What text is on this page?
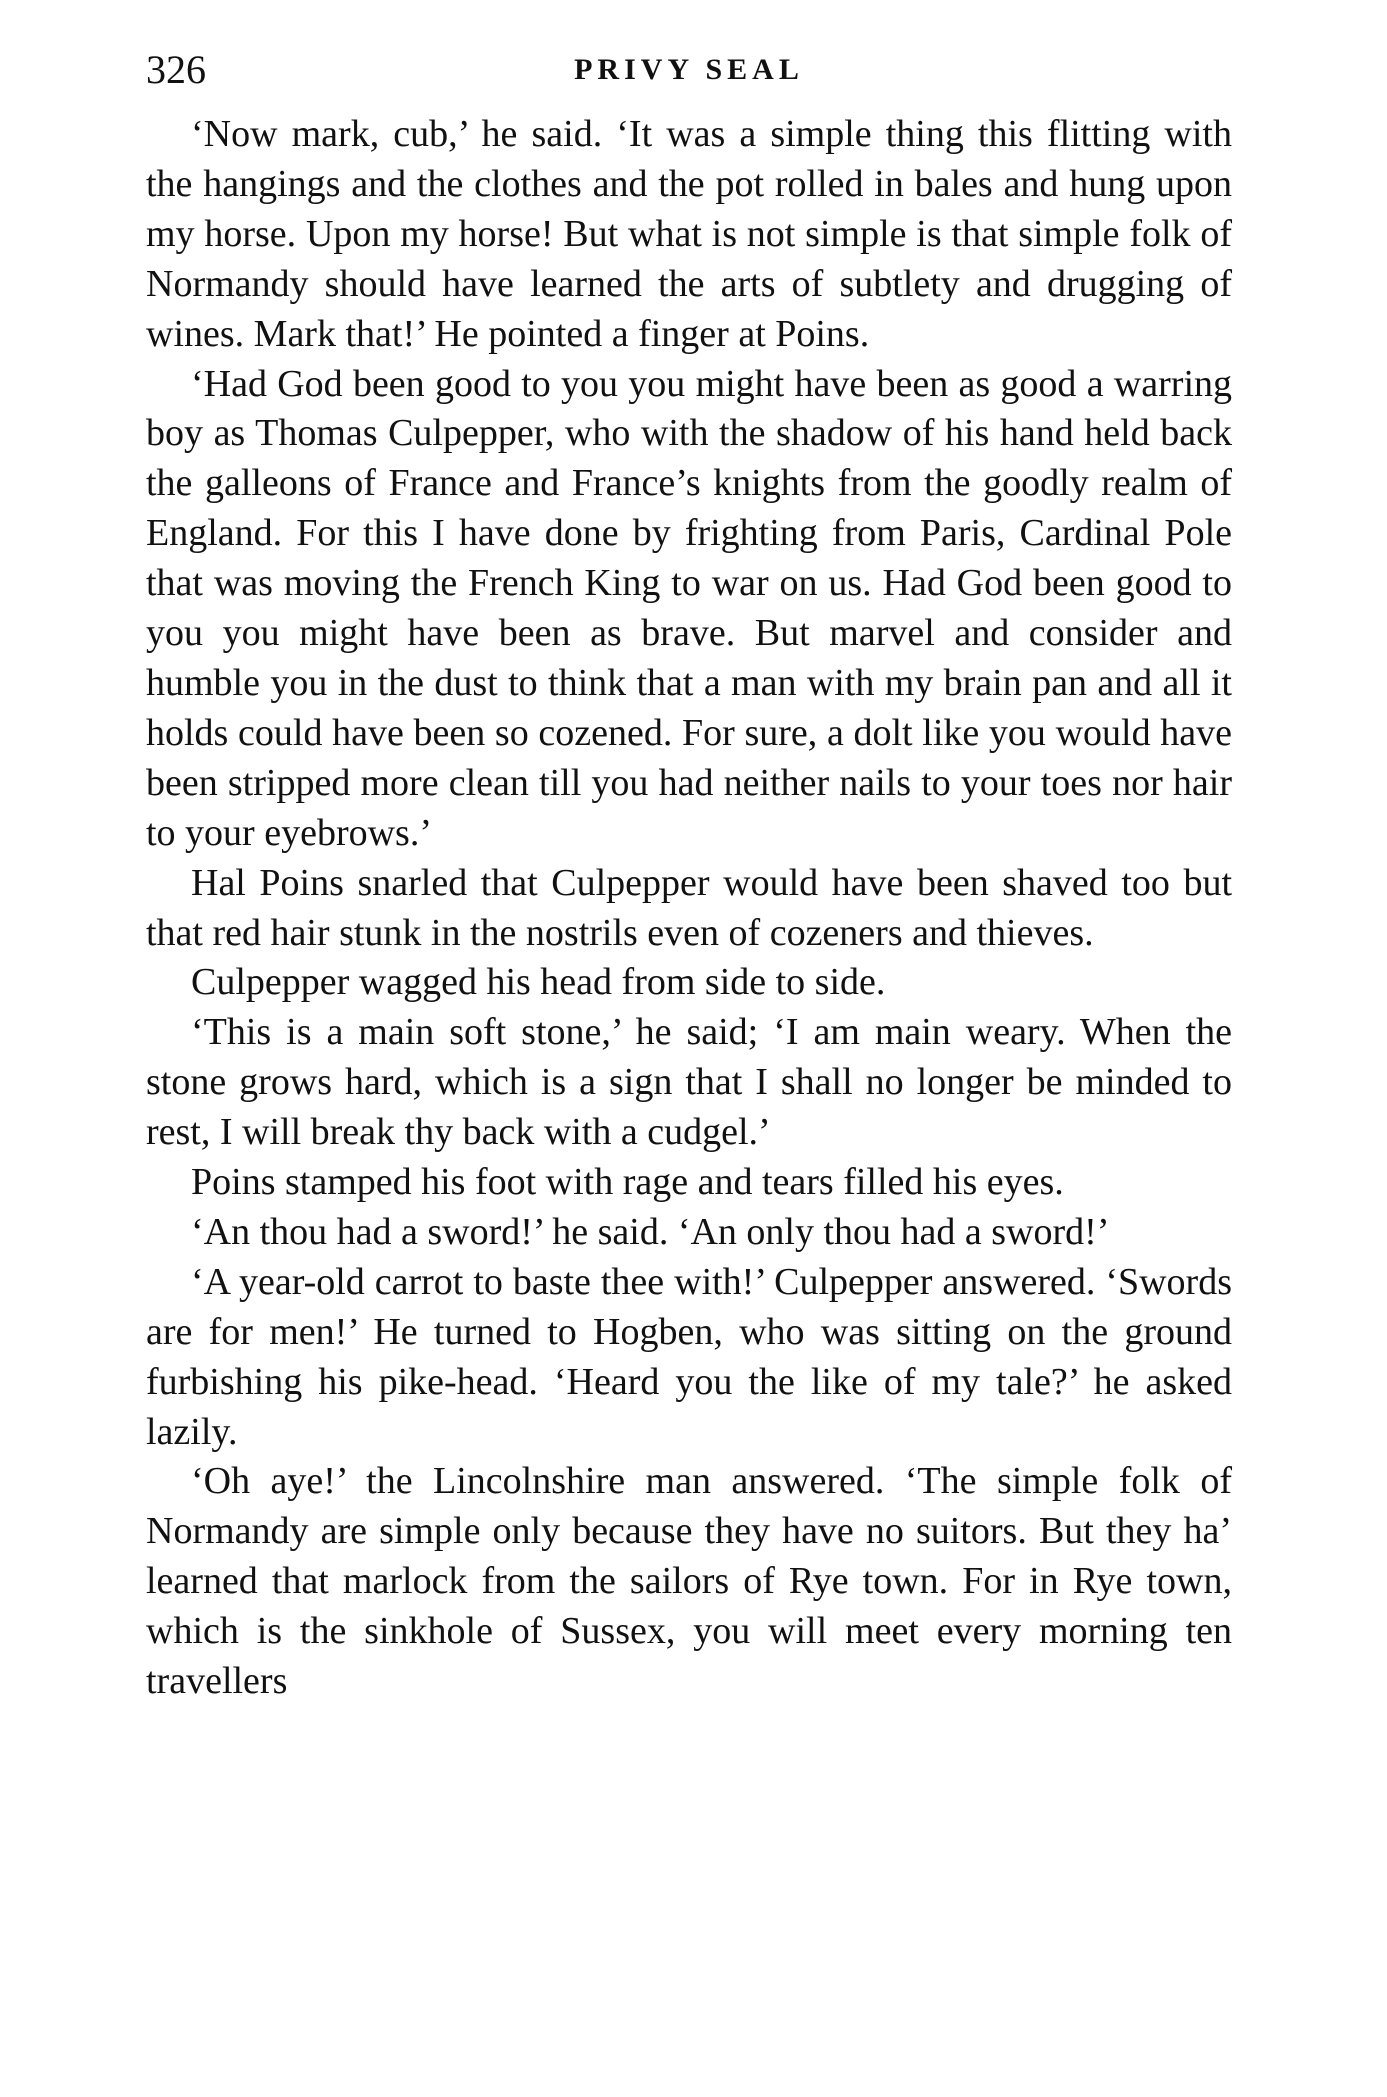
326	PRIVY SEAL

‘Now mark, cub,’ he said. ‘It was a simple thing this flitting with the hangings and the clothes and the pot rolled in bales and hung upon my horse. Upon my horse! But what is not simple is that simple folk of Normandy should have learned the arts of subtlety and drugging of wines. Mark that!’ He pointed a finger at Poins.

‘Had God been good to you you might have been as good a warring boy as Thomas Culpepper, who with the shadow of his hand held back the galleons of France and France’s knights from the goodly realm of England. For this I have done by frighting from Paris, Cardinal Pole that was moving the French King to war on us. Had God been good to you you might have been as brave. But marvel and consider and humble you in the dust to think that a man with my brain pan and all it holds could have been so cozened. For sure, a dolt like you would have been stripped more clean till you had neither nails to your toes nor hair to your eyebrows.’

Hal Poins snarled that Culpepper would have been shaved too but that red hair stunk in the nostrils even of cozeners and thieves.

Culpepper wagged his head from side to side.

‘This is a main soft stone,’ he said; ‘I am main weary. When the stone grows hard, which is a sign that I shall no longer be minded to rest, I will break thy back with a cudgel.’

Poins stamped his foot with rage and tears filled his eyes.

‘An thou had a sword!’ he said. ‘An only thou had a sword!’

‘A year-old carrot to baste thee with!’ Culpepper answered. ‘Swords are for men!’ He turned to Hogben, who was sitting on the ground furbishing his pike-head. ‘Heard you the like of my tale?’ he asked lazily.

‘Oh aye!’ the Lincolnshire man answered. ‘The simple folk of Normandy are simple only because they have no suitors. But they ha’ learned that marlock from the sailors of Rye town. For in Rye town, which is the sinkhole of Sussex, you will meet every morning ten travellers
